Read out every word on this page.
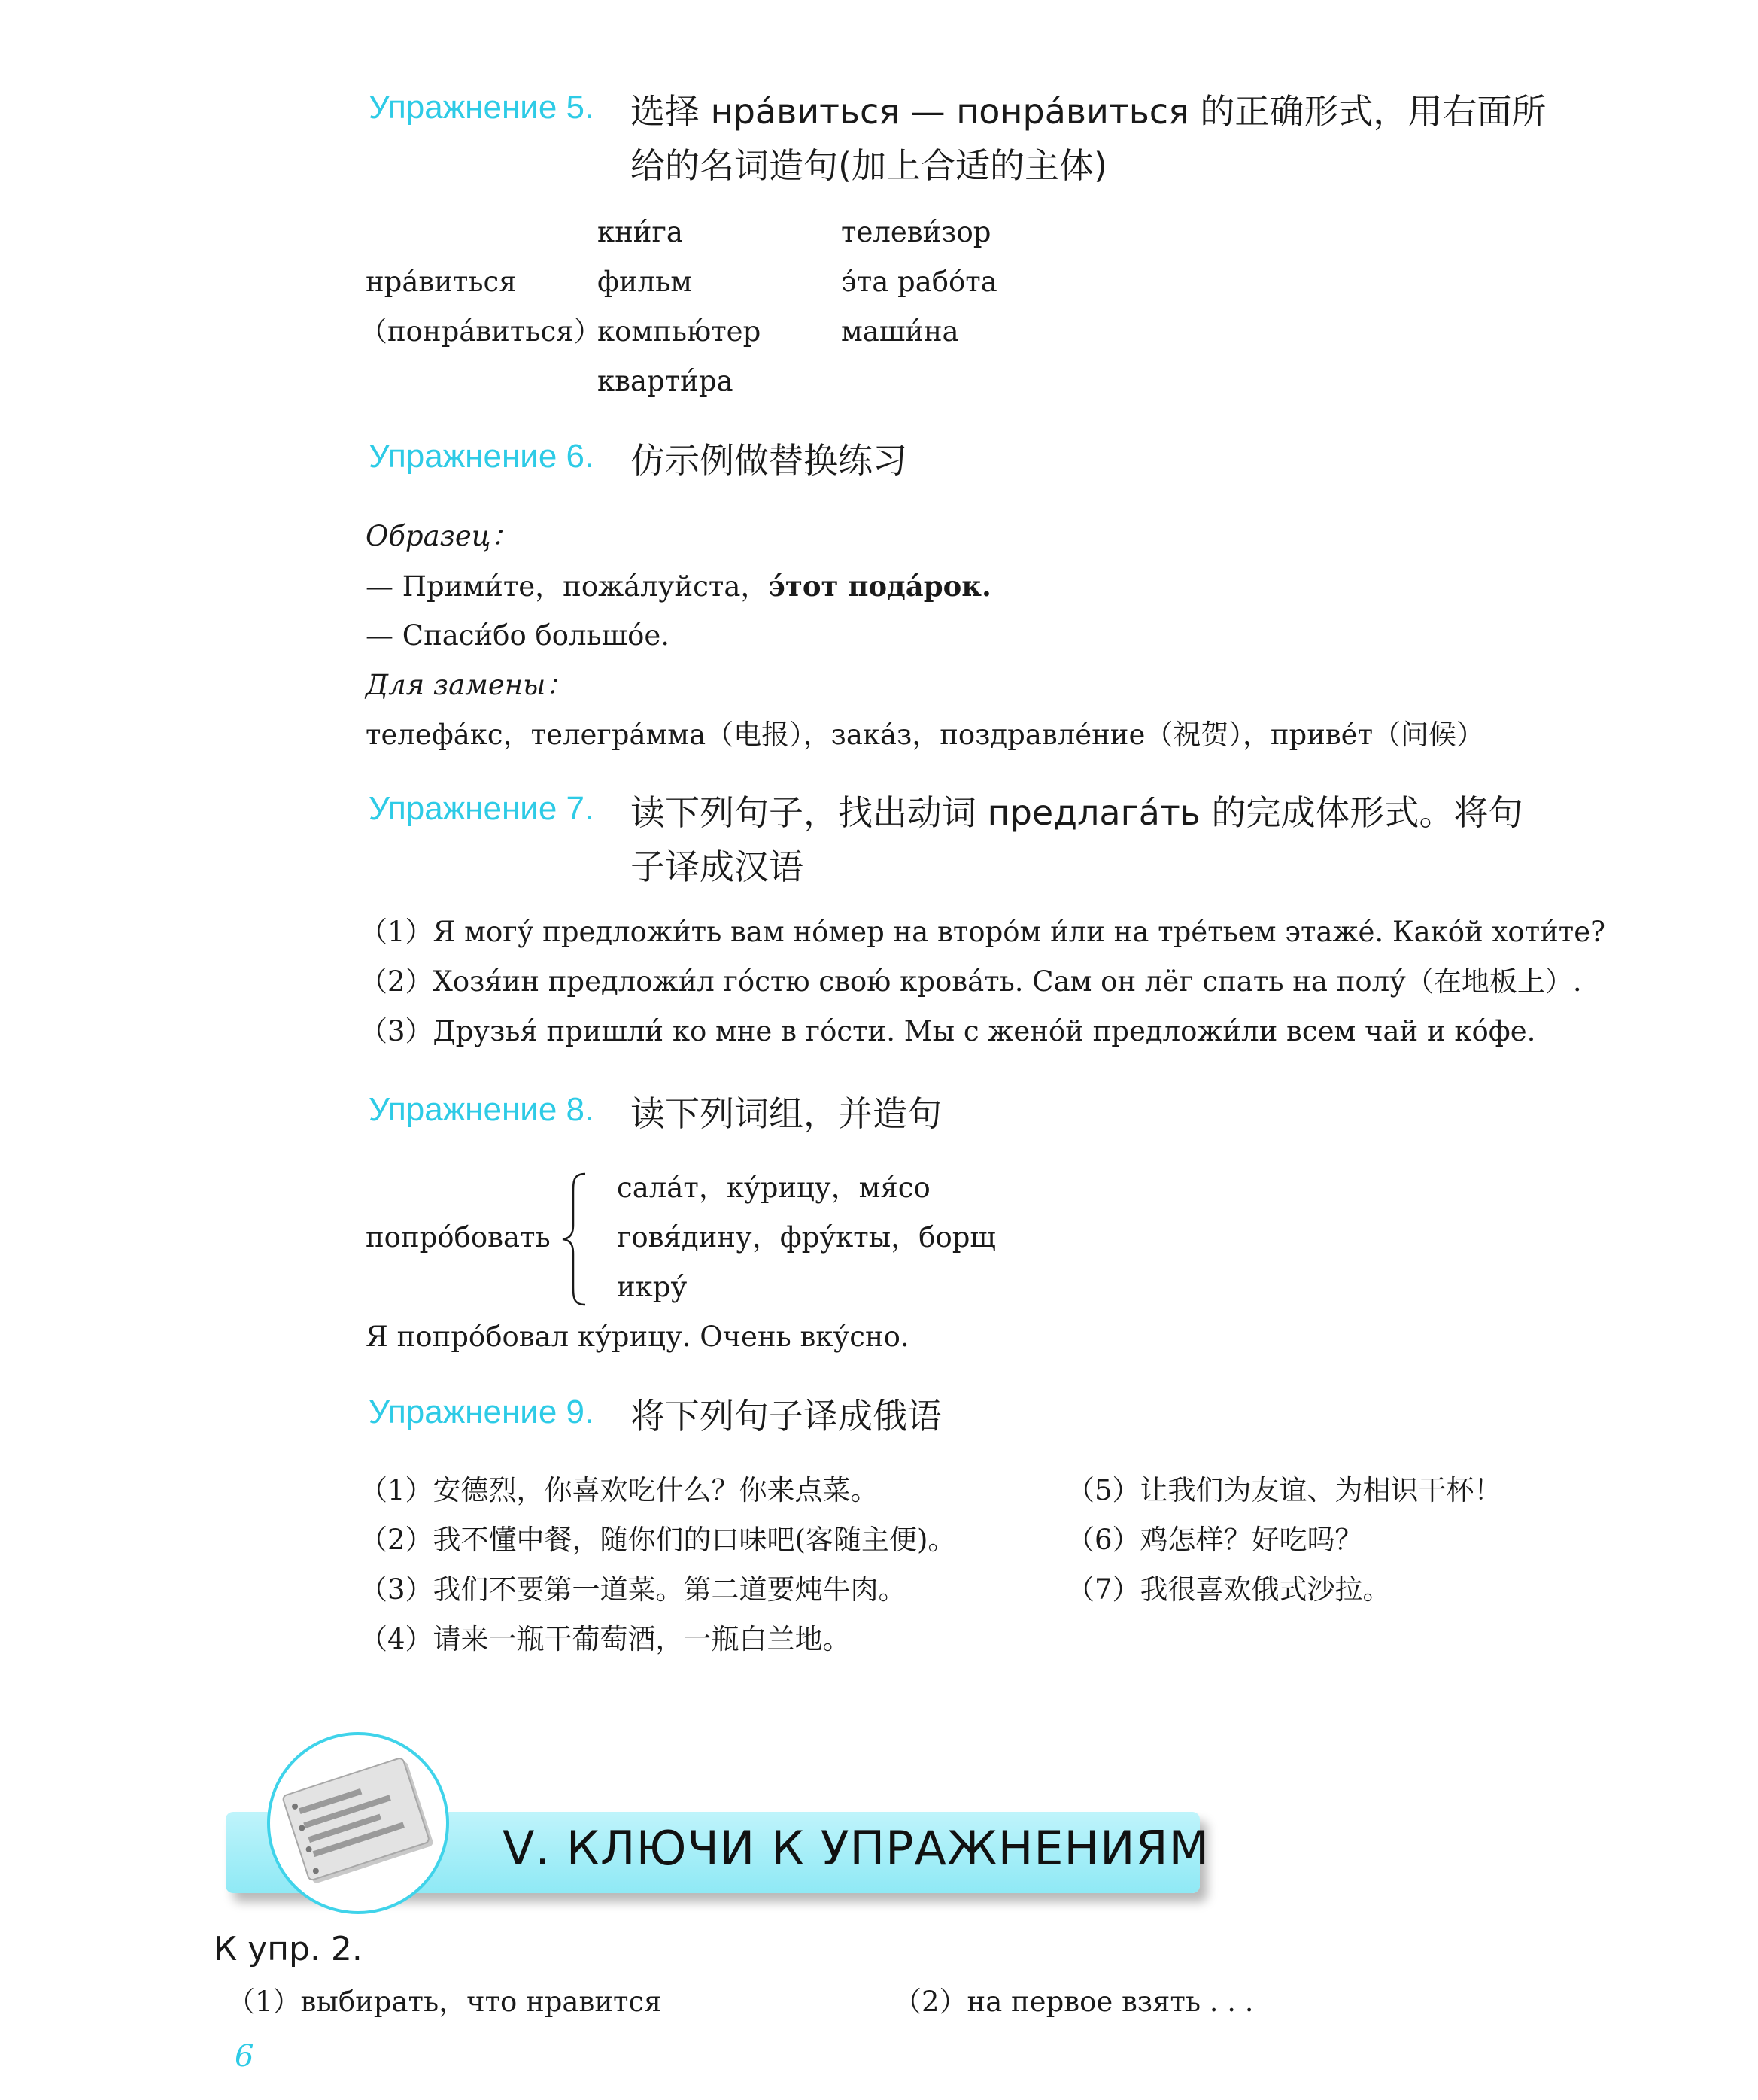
Упражнение 5. 选择 нра́виться — понра́виться 的正确形式，用右面所
给的名词造句(加上合适的主体)
нра́виться
（понра́виться）
кни́га
фильм
компью́тер
кварти́ра
телеви́зор
э́та рабо́та
маши́на
Упражнение 6. 仿示例做替换练习
Образец：
— Прими́те，пожа́луйста，э́тот пода́рок.
— Спаси́бо большо́е.
Для замены：
телефа́кс，телегра́мма（电报），зака́з，поздравле́ние（祝贺），приве́т（问候）
Упражнение 7. 读下列句子，找出动词 предлага́ть 的完成体形式。将句
子译成汉语
（1）Я могу́ предложи́ть вам но́мер на второ́м и́ли на тре́тьем этаже́. Како́й хоти́те?
（2）Хозя́ин предложи́л го́стю свою́ крова́ть. Сам он лёг спать на полу́（在地板上）.
（3）Друзья́ пришли́ ко мне в го́сти. Мы с жено́й предложи́ли всем чай и ко́фе.
Упражнение 8. 读下列词组，并造句
попро́бовать
сала́т，ку́рицу，мя́со
говя́дину，фру́кты，борщ
икру́
Я попро́бовал ку́рицу. Очень вку́сно.
Упражнение 9. 将下列句子译成俄语
（1）安德烈，你喜欢吃什么？你来点菜。
（2）我不懂中餐，随你们的口味吧(客随主便)。
（3）我们不要第一道菜。第二道要炖牛肉。
（4）请来一瓶干葡萄酒，一瓶白兰地。
（5）让我们为友谊、为相识干杯！
（6）鸡怎样？好吃吗？
（7）我很喜欢俄式沙拉。
Ⅴ. КЛЮЧИ К УПРАЖНЕНИЯМ
К упр. 2.
（1）выбирать，что нравится	（2）на первое взять . . .
6
